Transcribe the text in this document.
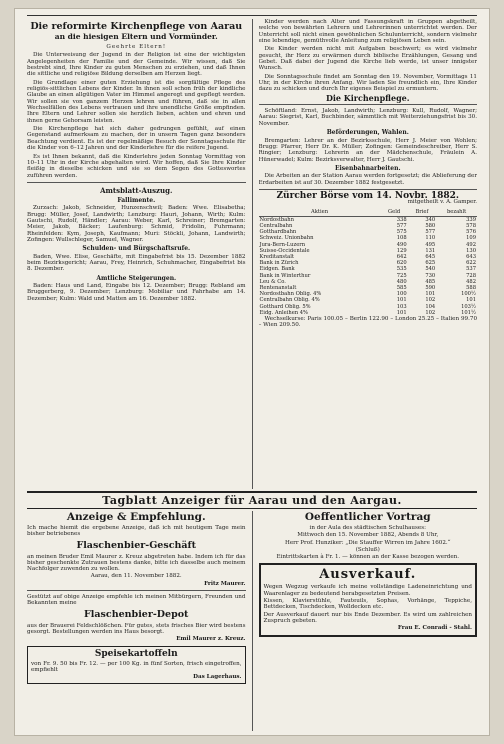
Die reformirte Kirchenpflege von Aarau
an die hiesigen Eltern und Vormünder.
Geehrte Eltern!

Die Unterweisung der Jugend in der Religion ist eine der wichtigsten Angelegenheiten der Familie und der Gemeinde. Wir wissen, daß Sie bestrebt sind, Ihre Kinder zu guten Menschen zu erziehen, und daß Ihnen die sittliche und religiöse Bildung derselben am Herzen liegt.

Die Grundlage einer guten Erziehung ist die sorgfältige Pflege des religiös-sittlichen Lebens der Kinder. In ihnen soll schon früh der kindliche Glaube an einen allgütigen Vater im Himmel angeregt und gepflegt werden. Wir sollen sie von ganzem Herzen lehren und führen, daß sie in allen Wechselfällen des Lebens vertrauen und ihre unendliche Größe empfinden. Ihre Eltern und Lehrer sollen sie herzlich lieben, achten und ehren und ihnen gerne Gehorsam leisten.

Die Kirchenpflege hat sich daher gedrungen gefühlt, auf einen Gegenstand aufmerksam zu machen, der in unsern Tagen ganz besonders Beachtung verdient. Es ist der regelmäßige Besuch der Sonntagsschule für die Kinder von 6–12 Jahren und der Kinderlehre für die reifere Jugend.

Es ist Ihnen bekannt, daß die Kinderlehre jeden Sonntag Vormittag von 10–11 Uhr in der Kirche abgehalten wird. Wir hoffen, daß Sie Ihre Kinder fleißig in dieselbe schicken und sie so dem Segen des Gotteswortes zuführen werden.

Amtsblatt-Auszug.
Fallimente.

Zurzach: Jakob, Schneider, Hunzenschwil; Baden: Wwe. Elisabetha; Brugg: Müller, Josef, Landwirth; Lenzburg: Hauri, Johann, Wirth; Kulm: Gautschi, Rudolf, Händler; Aarau: Weber, Karl, Schreiner; Bremgarten: Meier, Jakob, Bäcker; Laufenburg: Schmid, Fridolin, Fuhrmann; Rheinfelden: Kym, Joseph, Kaufmann; Muri: Stöckli, Johann, Landwirth; Zofingen: Wullschleger, Samuel, Wagner.

Schulden- und Bürgschaftsrufe.

Baden, Wwe. Elise, Geschäfte, mit Eingabefrist bis 15. Dezember 1882 beim Bezirksgericht; Aarau, Frey, Heinrich, Schuhmacher, Eingabefrist bis 8. Dezember.

Amtliche Steigerungen.

Baden: Haus und Land, Eingabe bis 12. Dezember; Brugg: Rebland am Bruggerberg, 9. Dezember; Lenzburg: Mobiliar und Fahrhabe am 14. Dezember; Kulm: Wald und Matten am 16. Dezember 1882.

Kinder werden nach Alter und Fassungskraft in Gruppen abgetheilt, welche von bewährten Lehrern und Lehrerinnen unterrichtet werden. Der Unterricht soll nicht einen gewöhnlichen Schulunterricht, sondern vielmehr eine lebendige, gemüthvolle Anleitung zum religiösen Leben sein.

Die Kinder werden nicht mit Aufgaben beschwert; es wird vielmehr gesucht, ihr Herz zu erwärmen durch biblische Erzählungen, Gesang und Gebet. Daß dabei der Jugend die Kirche lieb werde, ist unser innigster Wunsch.

Die Sonntagsschule findet am Sonntag den 19. November, Vormittags 11 Uhr, in der Kirche ihren Anfang. Wir laden Sie freundlich ein, Ihre Kinder dazu zu schicken und durch Ihr eigenes Beispiel zu ermuntern.

Die Kirchenpflege.

Schöftland: Ernst, Jakob, Landwirth; Lenzburg: Kull, Rudolf, Wagner; Aarau: Siegrist, Karl, Buchbinder, sämmtlich mit Weiterziehungsfrist bis 30. November.

Beförderungen, Wahlen.

Bremgarten: Lehrer an der Bezirksschule, Herr J. Meier von Wohlen; Brugg: Pfarrer, Herr Dr. K. Müller; Zofingen: Gemeindeschreiber, Herr S. Ringier; Lenzburg: Lehrerin an der Mädchenschule, Fräulein A. Hünerwadel; Kulm: Bezirksverwalter, Herr J. Gautschi.

Eisenbahnarbeiten.

Die Arbeiten an der Station Aarau werden fortgesetzt; die Ablieferung der Erdarbeiten ist auf 30. Dezember 1882 festgesetzt.

Zürcher Börse vom 14. Novbr. 1882.
mitgetheilt v. A. Gamper.
Aktien	Geld	Brief	bezahlt
Nordostbahn	338	340	339
Centralbahn	577	580	578
Gotthardbahn	575	577	576
Schweiz. Unionbahn	108	110	109
Jura-Bern-Luzern	490	495	492
Suisse-Occidentale	129	131	130
Kreditanstalt	642	645	643
Bank in Zürich	620	625	622
Eidgen. Bank	535	540	537
Bank in Winterthur	725	730	728
Leu & Co.	480	485	482
Rentenanstalt	585	590	588
Nordostbahn Oblig. 4%	100	101	100½
Centralbahn Oblig. 4%	101	102	101
Gotthard Oblig. 5%	103	104	103½
Eidg. Anleihen 4%	101	102	101½

Wechselkurse: Paris 100.05 – Berlin 122.90 – London 25.25 – Italien 99.70 – Wien 209.50.

Tagblatt Anzeiger für Aarau und den Aargau.
Anzeige & Empfehlung.

Ich mache hiemit die ergebene Anzeige, daß ich mit heutigem Tage mein bisher betriebenes

Flaschenbier-Geschäft

an meinen Bruder Emil Maurer z. Kreuz abgetreten habe. Indem ich für das bisher geschenkte Zutrauen bestens danke, bitte ich dasselbe auch meinem Nachfolger zuwenden zu wollen.

Aarau, den 11. November 1882.
Fritz Maurer.

Gestützt auf obige Anzeige empfehle ich meinen Mitbürgern, Freunden und Bekannten meine

Flaschenbier-Depot

aus der Brauerei Feldschlößchen. Für gutes, stets frisches Bier wird bestens gesorgt. Bestellungen werden ins Haus besorgt.

Emil Maurer z. Kreuz.
Speisekartoffeln

von Fr. 9. 50 bis Fr. 12. — per 100 Kg. in fünf Sorten, frisch eingetroffen, empfiehlt

Das Lagerhaus.
Oeffentlicher Vortrag
in der Aula des städtischen Schulhauses:
Mittwoch den 15. November 1882, Abends 8 Uhr,
Herr Prof. Hunziker: „Die Stauffer Wirren im Jahre 1602.“
(Schluß)
Eintrittskarten à Fr. 1. — können an der Kasse bezogen werden.
Ausverkauf.

Wegen Wegzug verkaufe ich meine vollständige Ladeneinrichtung und Waarenlager zu bedeutend herabgesetzten Preisen.

Kissen, Klavierstühle, Fauteuils, Sophas, Vorhänge, Teppiche, Bettdecken, Tischdecken, Wolldecken etc.

Der Ausverkauf dauert nur bis Ende Dezember. Es wird um zahlreichen Zuspruch gebeten.

Frau E. Conradi - Stahl.
